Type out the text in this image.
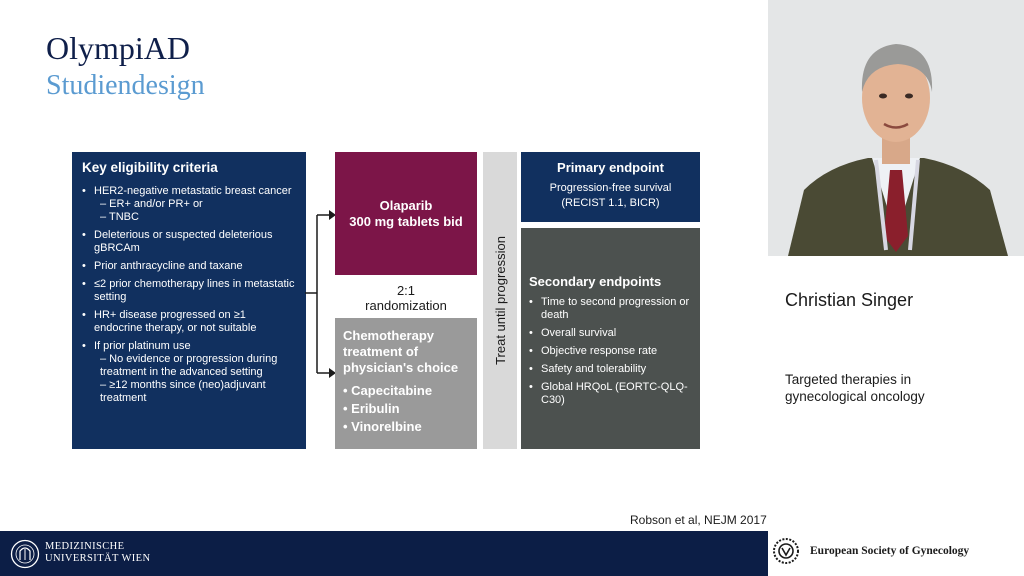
OlympiAD
Studiendesign
Key eligibility criteria
• HER2-negative metastatic breast cancer
– ER+ and/or PR+ or
– TNBC
• Deleterious or suspected deleterious gBRCAm
• Prior anthracycline and taxane
• ≤2 prior chemotherapy lines in metastatic setting
• HR+ disease progressed on ≥1 endocrine therapy, or not suitable
• If prior platinum use
– No evidence or progression during treatment in the advanced setting
– ≥12 months since (neo)adjuvant treatment
Olaparib
300 mg tablets bid
2:1
randomization
Chemotherapy treatment of physician's choice
• Capecitabine
• Eribulin
• Vinorelbine
Treat until progression
Primary endpoint
Progression-free survival
(RECIST 1.1, BICR)
Secondary endpoints
• Time to second progression or death
• Overall survival
• Objective response rate
• Safety and tolerability
• Global HRQoL (EORTC-QLQ-C30)
Robson et al, NEJM 2017
Christian Singer
Targeted therapies in gynecological oncology
MEDIZINISCHE
UNIVERSITÄT WIEN
European Society of Gynecology
